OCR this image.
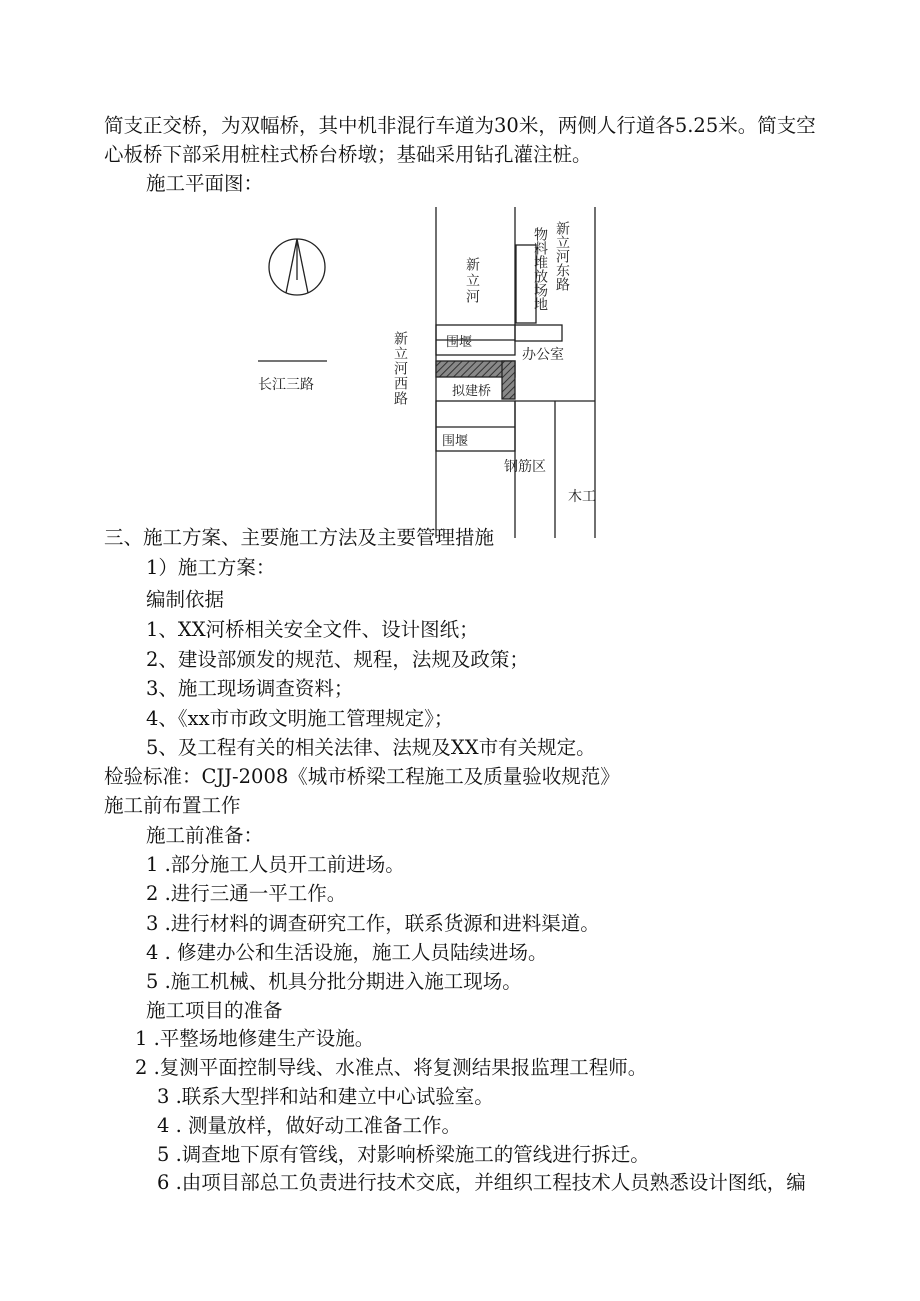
简支正交桥，为双幅桥，其中机非混行车道为30米，两侧人行道各5.25米。简支空
心板桥下部采用桩柱式桥台桥墩；基础采用钻孔灌注桩。
施工平面图：
长江三路	新立河西路
新立河	物料堆放场地 新立河东路
围堰
办公室
拟建桥
围堰
钢筋区
木工
三、施工方案、主要施工方法及主要管理措施
1）施工方案：
编制依据
1、XX河桥相关安全文件、设计图纸；
2、建设部颁发的规范、规程，法规及政策；
3、施工现场调查资料；
4、《xx市市政文明施工管理规定》；
5、及工程有关的相关法律、法规及XX市有关规定。
检验标准：CJJ-2008《城市桥梁工程施工及质量验收规范》
施工前布置工作
施工前准备：
1 .部分施工人员开工前进场。
2 .进行三通一平工作。
3 .进行材料的调查研究工作，联系货源和进料渠道。
4 . 修建办公和生活设施，施工人员陆续进场。
5 .施工机械、机具分批分期进入施工现场。
施工项目的准备
1 .平整场地修建生产设施。
2 .复测平面控制导线、水准点、将复测结果报监理工程师。
3 .联系大型拌和站和建立中心试验室。
4 . 测量放样，做好动工准备工作。
5 .调查地下原有管线，对影响桥梁施工的管线进行拆迁。
6 .由项目部总工负责进行技术交底，并组织工程技术人员熟悉设计图纸，编
